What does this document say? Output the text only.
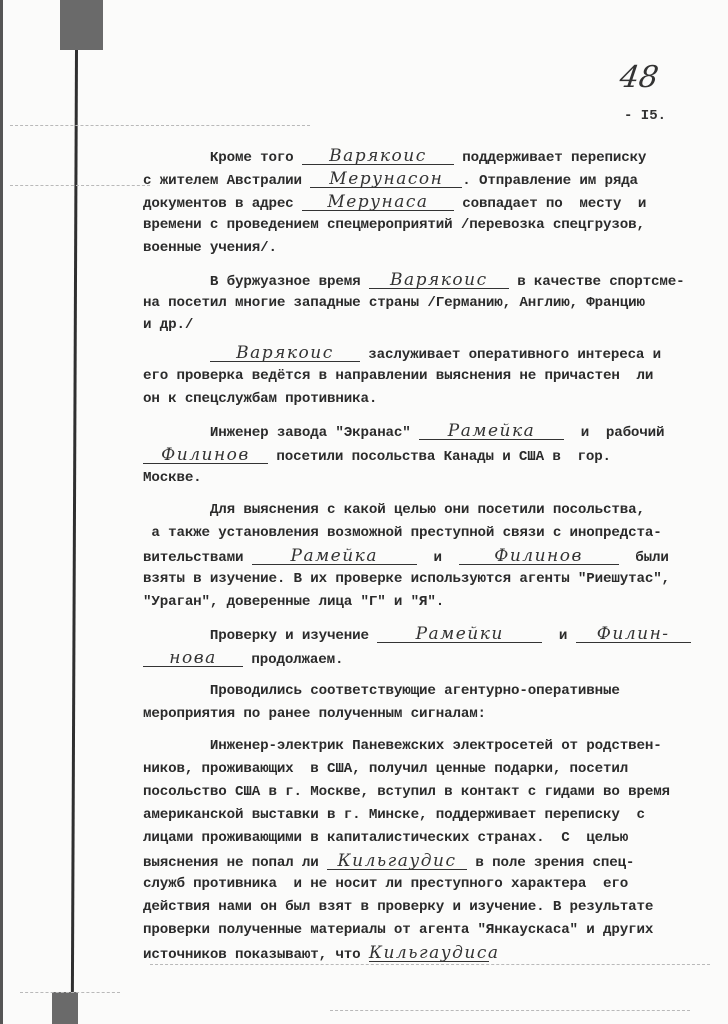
48
- I5.
Кроме того Варякоис поддерживает переписку
с жителем Австралии Мерунасон . Отправление им ряда
документов в адрес Мерунаса совпадает по  месту  и
времени с проведением спецмероприятий /перевозка спецгрузов,
военные учения/.
В буржуазное время Варякоис в качестве спортсме-
на посетил многие западные страны /Германию, Англию, Францию
и др./
Варякоис заслуживает оперативного интереса и
его проверка ведётся в направлении выяснения не причастен  ли
он к спецслужбам противника.
Инженер завода "Экранас" Рамейка  и  рабочий
Филинов посетили посольства Канады и США в  гор.
Москве.
Для выяснения с какой целью они посетили посольства,
а также установления возможной преступной связи с инопредста-
вительствами Рамейка	и  Филинов	были
взяты в изучение. В их проверке используются агенты "Риешутас",
"Ураган", доверенные лица "Г" и "Я".
Проверку и изучение Рамейки	и Филин-
нова продолжаем.
Проводились соответствующие агентурно-оперативные
мероприятия по ранее полученным сигналам:
Инженер-электрик Паневежских электросетей от родствен-
ников, проживающих  в США, получил ценные подарки, посетил
посольство США в г. Москве, вступил в контакт с гидами во время
американской выставки в г. Минске, поддерживает переписку  с
лицами проживающими в капиталистических странах.  С  целью
выяснения не попал ли Кильгаудис в поле зрения спец-
служб противника  и не носит ли преступного характера  его
действия нами он был взят в проверку и изучение. В результате
проверки полученные материалы от агента "Янкаускаса" и других
источников показывают, что Кильгаудиса
